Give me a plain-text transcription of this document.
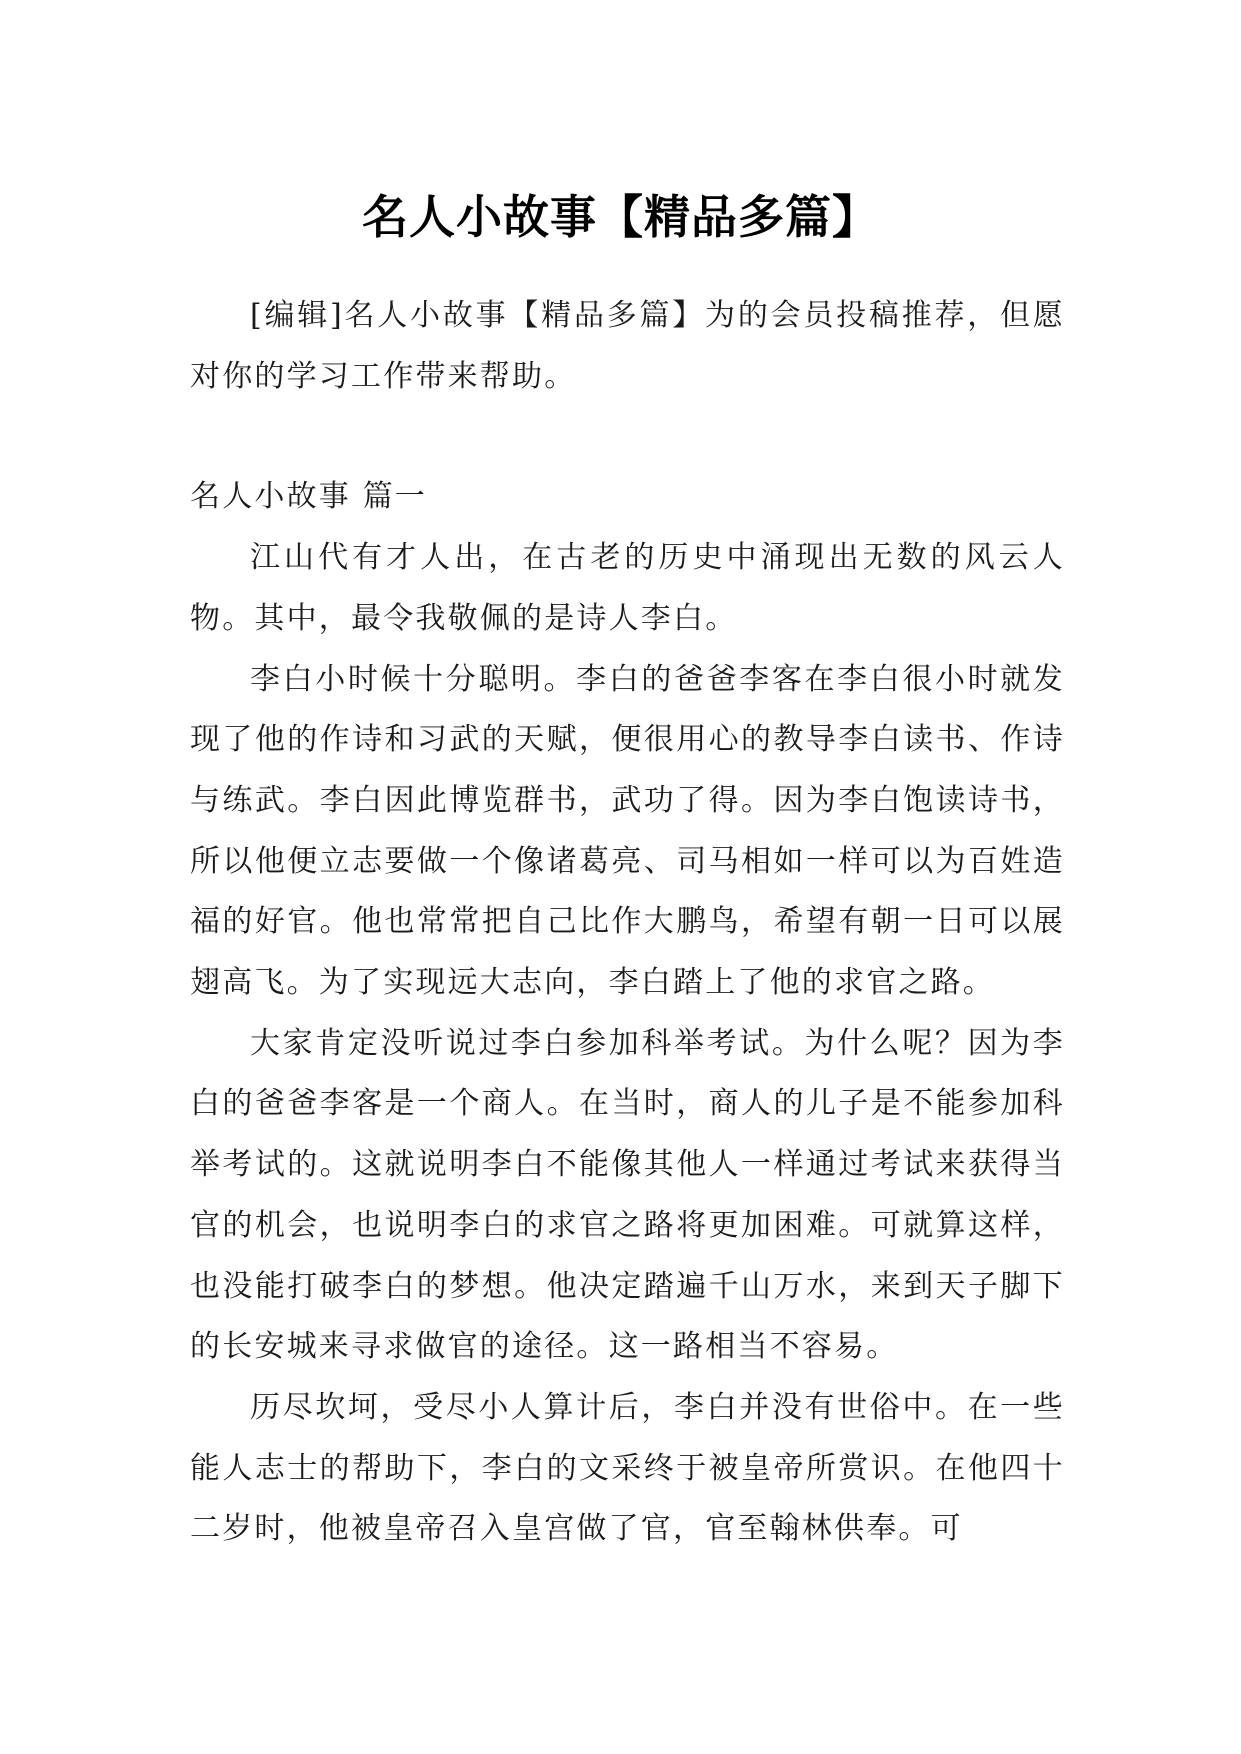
名人小故事【精品多篇】

[编辑]名人小故事【精品多篇】为的会员投稿推荐，但愿对你的学习工作带来帮助。

名人小故事 篇一

江山代有才人出，在古老的历史中涌现出无数的风云人物。其中，最令我敬佩的是诗人李白。

李白小时候十分聪明。李白的爸爸李客在李白很小时就发现了他的作诗和习武的天赋，便很用心的教导李白读书、作诗与练武。李白因此博览群书，武功了得。因为李白饱读诗书，所以他便立志要做一个像诸葛亮、司马相如一样可以为百姓造福的好官。他也常常把自己比作大鹏鸟，希望有朝一日可以展翅高飞。为了实现远大志向，李白踏上了他的求官之路。

大家肯定没听说过李白参加科举考试。为什么呢？因为李白的爸爸李客是一个商人。在当时，商人的儿子是不能参加科举考试的。这就说明李白不能像其他人一样通过考试来获得当官的机会，也说明李白的求官之路将更加困难。可就算这样，也没能打破李白的梦想。他决定踏遍千山万水，来到天子脚下的长安城来寻求做官的途径。这一路相当不容易。

历尽坎坷，受尽小人算计后，李白并没有世俗中。在一些能人志士的帮助下，李白的文采终于被皇帝所赏识。在他四十二岁时，他被皇帝召入皇宫做了官，官至翰林供奉。可
